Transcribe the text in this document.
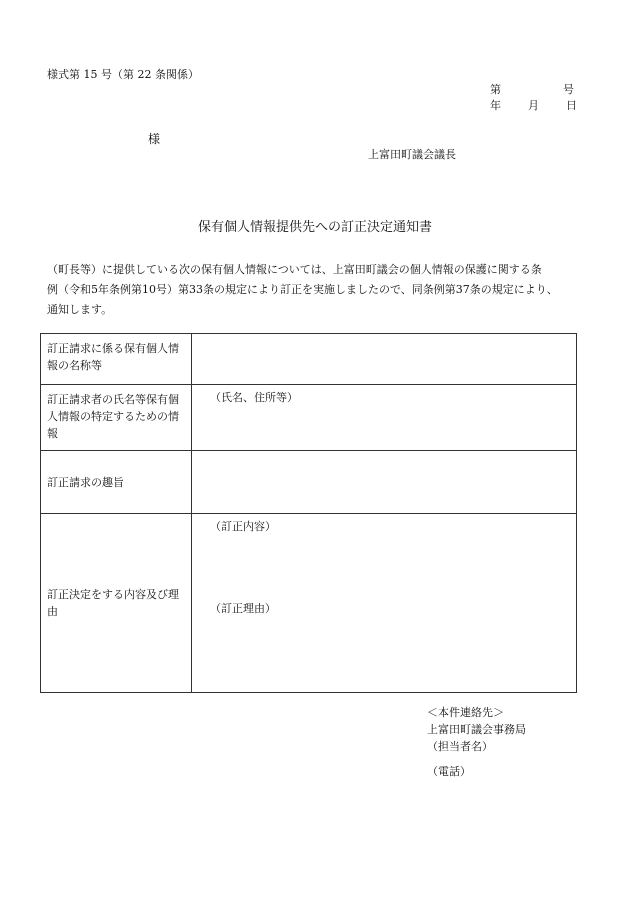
様式第 15 号（第 22 条関係）
第	号
年 月 日
様
上富田町議会議長
保有個人情報提供先への訂正決定通知書
（町長等）に提供している次の保有個人情報については、上富田町議会の個人情報の保護に関する条
例（令和5年条例第10号）第33条の規定により訂正を実施しましたので、同条例第37条の規定により、
通知します。
訂正請求に係る保有個人情報の名称等	
訂正請求者の氏名等保有個人情報の特定するための情報	（氏名、住所等）
訂正請求の趣旨	
訂正決定をする内容及び理由	（訂正内容）
（訂正理由）
＜本件連絡先＞
上富田町議会事務局
（担当者名）
（電話）
